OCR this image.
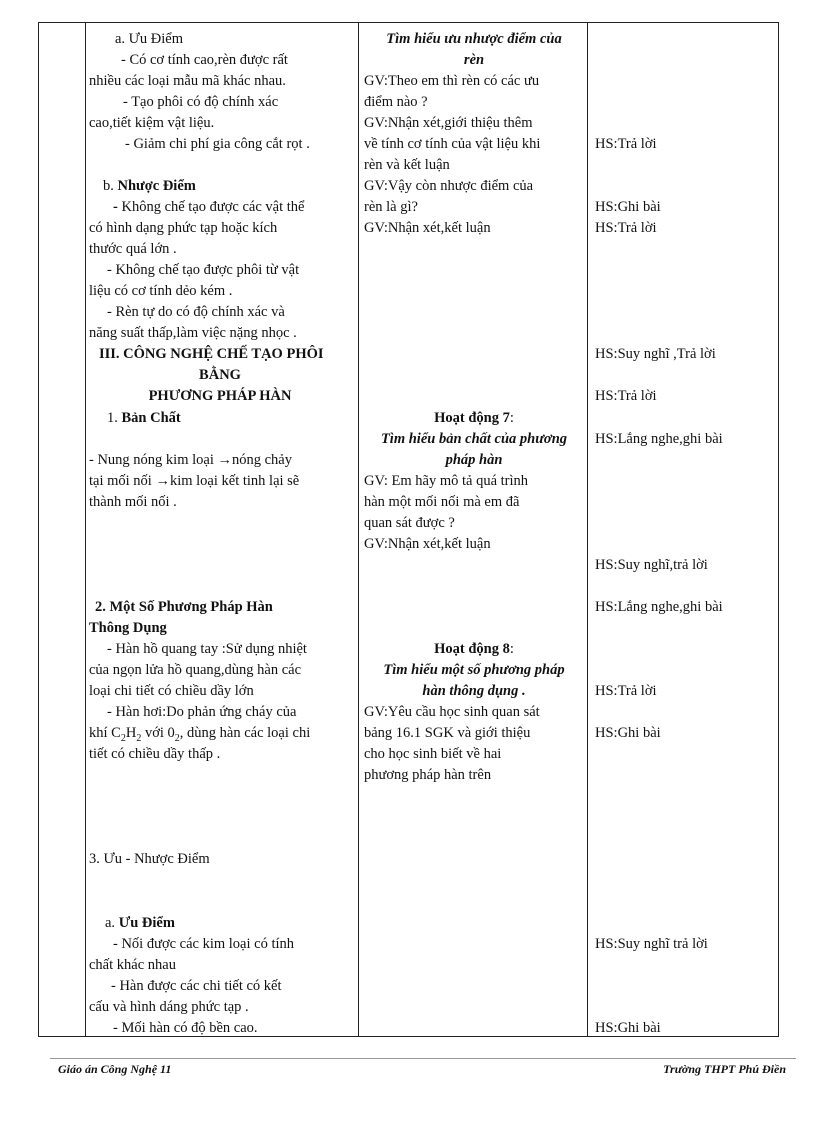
a. Ưu Điểm
- Có cơ tính cao,rèn được rất
nhiều các loại mẫu mã khác nhau.
- Tạo phôi có độ chính xác
cao,tiết kiệm vật liệu.
- Giảm chi phí gia công cắt rọt .
b. Nhược Điểm
- Không chế tạo được các vật thể
có hình dạng phức tạp hoặc kích
thước quá lớn .
- Không chế tạo được phôi từ vật
liệu có cơ tính dẻo kém .
- Rèn tự do có độ chính xác và
năng suất thấp,làm việc nặng nhọc .
III. CÔNG NGHỆ CHẾ TẠO PHÔI
BẰNG
PHƯƠNG PHÁP HÀN
1. Bản Chất
- Nung nóng kim loại →nóng chảy
tại mối nối →kim loại kết tinh lại sẽ
thành mối nối .
2. Một Số Phương Pháp Hàn
Thông Dụng
- Hàn hồ quang tay :Sử dụng nhiệt
của ngọn lửa hồ quang,dùng hàn các
loại chi tiết có chiều dầy lớn
- Hàn hơi:Do phản ứng cháy của
khí $C_2H_2$ với $0_2$, dùng hàn các loại chi
tiết có chiều dầy thấp .
3. Ưu - Nhược Điểm
a. Ưu Điểm
- Nối được các kim loại có tính
chất khác nhau
- Hàn được các chi tiết có kết
cấu và hình dáng phức tạp .
- Mối hàn có độ bền cao.
Tìm hiểu ưu nhược điểm của
rèn
GV:Theo em thì rèn có các ưu
điểm nào ?
GV:Nhận xét,giới thiệu thêm
về tính cơ tính của vật liệu khi
rèn và kết luận
GV:Vậy còn nhược điểm của
rèn là gì?
GV:Nhận xét,kết luận
Hoạt động 7:
Tìm hiểu bản chất của phương
pháp hàn
GV: Em hãy mô tả quá trình
hàn một mối nối mà em đã
quan sát được ?
GV:Nhận xét,kết luận
Hoạt động 8:
Tìm hiểu một số phương pháp
hàn thông dụng .
GV:Yêu cầu học sinh quan sát
bảng 16.1 SGK và giới thiệu
cho học sinh biết về hai
phương pháp hàn trên
HS:Trả lời
HS:Ghi bài
HS:Trả lời
HS:Suy nghĩ ,Trả lời
HS:Trả lời
HS:Lắng nghe,ghi bài
HS:Suy nghĩ,trả lời
HS:Lắng nghe,ghi bài
HS:Trả lời
HS:Ghi bài
HS:Suy nghĩ trả lời
HS:Ghi bài
Giáo án Công Nghệ 11	Trường THPT Phú Điền
